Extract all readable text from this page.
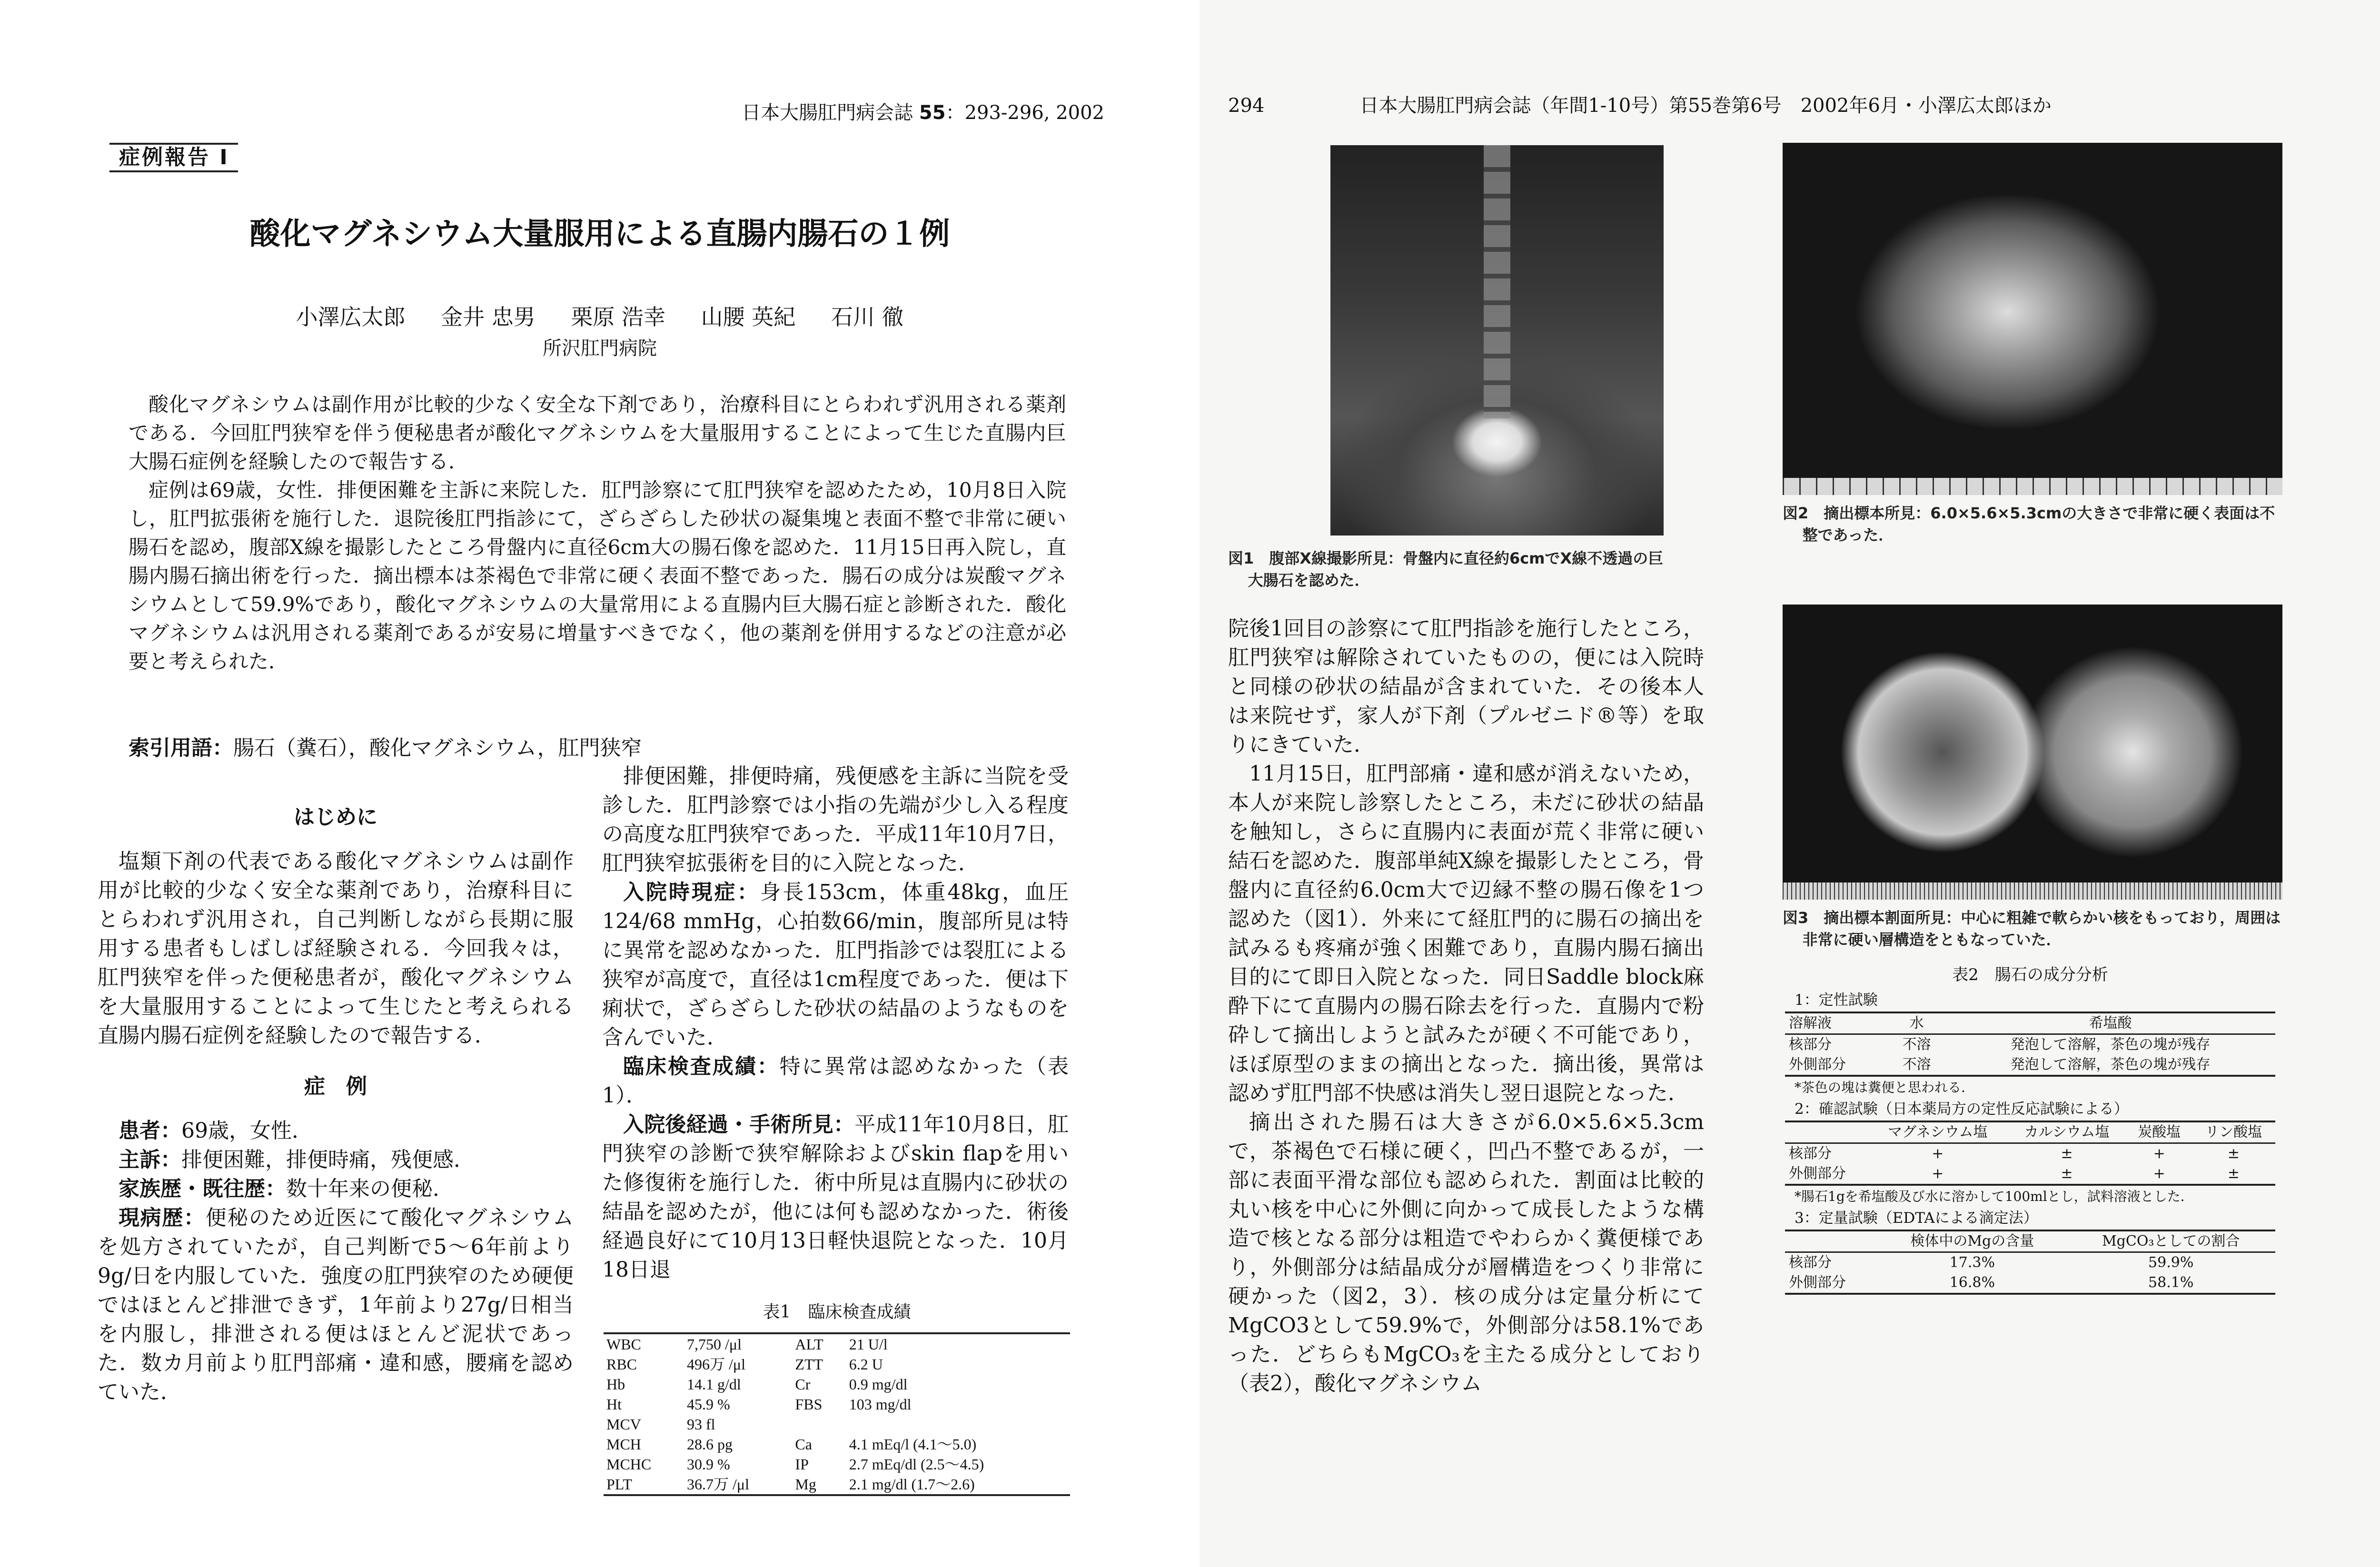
日本大腸肛門病会誌 55：293-296, 2002
症例報告 I
酸化マグネシウム大量服用による直腸内腸石の１例
小澤広太郎 金井 忠男 栗原 浩幸 山腰 英紀 石川 徹
所沢肛門病院

酸化マグネシウムは副作用が比較的少なく安全な下剤であり，治療科目にとらわれず汎用される薬剤である．今回肛門狭窄を伴う便秘患者が酸化マグネシウムを大量服用することによって生じた直腸内巨大腸石症例を経験したので報告する．

症例は69歳，女性．排便困難を主訴に来院した．肛門診察にて肛門狭窄を認めたため，10月8日入院し，肛門拡張術を施行した．退院後肛門指診にて，ざらざらした砂状の凝集塊と表面不整で非常に硬い腸石を認め，腹部X線を撮影したところ骨盤内に直径6cm大の腸石像を認めた．11月15日再入院し，直腸内腸石摘出術を行った．摘出標本は茶褐色で非常に硬く表面不整であった．腸石の成分は炭酸マグネシウムとして59.9%であり，酸化マグネシウムの大量常用による直腸内巨大腸石症と診断された．酸化マグネシウムは汎用される薬剤であるが安易に増量すべきでなく，他の薬剤を併用するなどの注意が必要と考えられた．

索引用語：腸石（糞石），酸化マグネシウム，肛門狭窄
はじめに

塩類下剤の代表である酸化マグネシウムは副作用が比較的少なく安全な薬剤であり，治療科目にとらわれず汎用され，自己判断しながら長期に服用する患者もしばしば経験される．今回我々は，肛門狭窄を伴った便秘患者が，酸化マグネシウムを大量服用することによって生じたと考えられる直腸内腸石症例を経験したので報告する．

症　例

患者：69歳，女性．

主訴：排便困難，排便時痛，残便感．

家族歴・既往歴：数十年来の便秘．

現病歴：便秘のため近医にて酸化マグネシウムを処方されていたが，自己判断で5～6年前より9g/日を内服していた．強度の肛門狭窄のため硬便ではほとんど排泄できず，1年前より27g/日相当を内服し，排泄される便はほとんど泥状であった．数カ月前より肛門部痛・違和感，腰痛を認めていた．

排便困難，排便時痛，残便感を主訴に当院を受診した．肛門診察では小指の先端が少し入る程度の高度な肛門狭窄であった．平成11年10月7日，肛門狭窄拡張術を目的に入院となった．

入院時現症：身長153cm，体重48kg，血圧124/68 mmHg，心拍数66/min，腹部所見は特に異常を認めなかった．肛門指診では裂肛による狭窄が高度で，直径は1cm程度であった．便は下痢状で，ざらざらした砂状の結晶のようなものを含んでいた．

臨床検査成績：特に異常は認めなかった（表1）．

入院後経過・手術所見：平成11年10月8日，肛門狭窄の診断で狭窄解除およびskin flapを用いた修復術を施行した．術中所見は直腸内に砂状の結晶を認めたが，他には何も認めなかった．術後経過良好にて10月13日軽快退院となった．10月18日退

表1　臨床検査成績
WBC	7,750 /μl	ALT	21 U/l
RBC	496万 /μl	ZTT	6.2 U
Hb	14.1 g/dl	Cr	0.9 mg/dl
Ht	45.9 %	FBS	103 mg/dl
MCV	93 fl		
MCH	28.6 pg	Ca	4.1 mEq/l (4.1～5.0)
MCHC	30.9 %	IP	2.7 mEq/dl (2.5～4.5)
PLT	36.7万 /μl	Mg	2.1 mg/dl (1.7～2.6)
294	日本大腸肛門病会誌（年間1-10号）第55巻第6号　2002年6月・小澤広太郎ほか
図1　腹部X線撮影所見：骨盤内に直径約6cmでX線不透過の巨大腸石を認めた．
図2　摘出標本所見：6.0×5.6×5.3cmの大きさで非常に硬く表面は不整であった．
図3　摘出標本割面所見：中心に粗雑で軟らかい核をもっており，周囲は非常に硬い層構造をともなっていた．

院後1回目の診察にて肛門指診を施行したところ，肛門狭窄は解除されていたものの，便には入院時と同様の砂状の結晶が含まれていた．その後本人は来院せず，家人が下剤（プルゼニド®等）を取りにきていた．

11月15日，肛門部痛・違和感が消えないため，本人が来院し診察したところ，未だに砂状の結晶を触知し，さらに直腸内に表面が荒く非常に硬い結石を認めた．腹部単純X線を撮影したところ，骨盤内に直径約6.0cm大で辺縁不整の腸石像を1つ認めた（図1）．外来にて経肛門的に腸石の摘出を試みるも疼痛が強く困難であり，直腸内腸石摘出目的にて即日入院となった．同日Saddle block麻酔下にて直腸内の腸石除去を行った．直腸内で粉砕して摘出しようと試みたが硬く不可能であり，ほぼ原型のままの摘出となった．摘出後，異常は認めず肛門部不快感は消失し翌日退院となった．

摘出された腸石は大きさが6.0×5.6×5.3cmで，茶褐色で石様に硬く，凹凸不整であるが，一部に表面平滑な部位も認められた．割面は比較的丸い核を中心に外側に向かって成長したような構造で核となる部分は粗造でやわらかく糞便様であり，外側部分は結晶成分が層構造をつくり非常に硬かった（図2，3）．核の成分は定量分析にてMgCO3として59.9%で，外側部分は58.1%であった．どちらもMgCO₃を主たる成分としており（表2），酸化マグネシウム

表2　腸石の成分分析
1：定性試験
溶解液	水	希塩酸
核部分	不溶	発泡して溶解，茶色の塊が残存
外側部分	不溶	発泡して溶解，茶色の塊が残存
*茶色の塊は糞便と思われる．
2：確認試験（日本薬局方の定性反応試験による）
	マグネシウム塩	カルシウム塩	炭酸塩	リン酸塩
核部分	+	±	+	±
外側部分	+	±	+	±
*腸石1gを希塩酸及び水に溶かして100mlとし，試料溶液とした．
3：定量試験（EDTAによる滴定法）
	検体中のMgの含量	MgCO₃としての割合
核部分	17.3%	59.9%
外側部分	16.8%	58.1%
